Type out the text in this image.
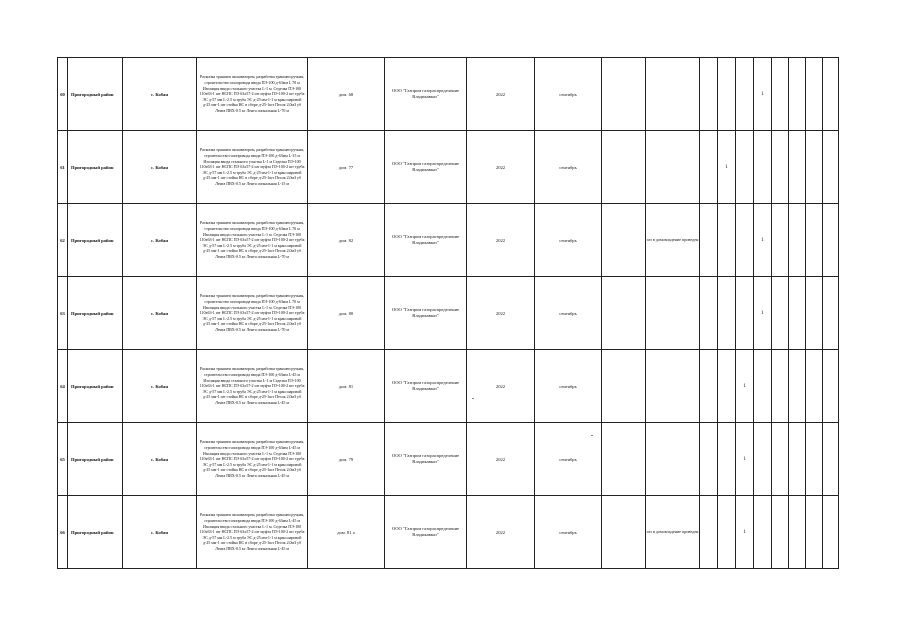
60	Пригородный район	с. Кобан	Раскопка траншеи экскаватором, разработка траншеи ручная, строительство газопровода ввода ПЭ-100 д-63мм L 70 м Изоляция ввода стального участка L-1 м. Седелка ПЭ-100 110х63-1 шт НСПС ПЭ 63х57-2 шт муфта ПЭ-100-2 шт труба ЭС д-57 мм L-2.5 м труба ЭС д-25 мм-1-1 м кран шаровой д-25 мм-1 шт стойка НС в сборе д-25-1шт Песок 2,0м3 уб Лента ПВХ-0.5 кг Лента сигнальная L-70 м	дом. 68	ООО "Газпром газораспределение Владикавказ"	2022	сентябрь						1				
61	Пригородный район	с. Кобан	Раскопка траншеи экскаватором, разработка траншеи ручная, строительство газопровода ввода ПЭ-100 д-63мм L-15 м Изоляция ввода стального участка L-1 м Седелка ПЭ-100 110х63-1 шт НСПС ПЭ 63х57-2 шт муфта ПЭ-100-2 шт труба ЭС д-57 мм L-2.5 м труба ЭС д-25 мм-1-1 м кран шаровой д-25 мм-1 шт стойка НС в сборе д-25-1шт Песок 2,0м3 уб Лента ПВХ-0.5 кг Лента сигнальная L-15 м	дом. 77	ООО "Газпром газораспределение Владикавказ"	2022	сентябрь				1						
62	Пригородный район	с. Кобан	Раскопка траншеи экскаватором, разработка траншеи ручная, строительство газопровода ввода ПЭ-100 д-63мм L 70 м Изоляция ввода стального участка L-1 м. Седелка ПЭ-100 110х63-1 шт НСПС ПЭ 63х57-2 шт муфта ПЭ-100-2 шт труба ЭС д-57 мм L-2.5 м труба ЭС д-25 мм-1-1 м кран шаровой д-25 мм-1 шт стойка НС в сборе д-25-1шт Песок 2,0м3 уб Лента ПВХ-0.5 кг Лента сигнальная L-70 м	дом. 82	ООО "Газпром газораспределение Владикавказ"	2022	сентябрь		газ в домовладение проведен				1				
63	Пригородный район	с. Кобан	Раскопка траншеи экскаватором, разработка траншеи ручная, строительство газопровода ввода ПЭ-100 д-63мм L 70 м Изоляция ввода стального участка L-1 м. Седелка ПЭ-100 110х63-1 шт НСПС ПЭ 63х57-2 шт муфта ПЭ-100-2 шт труба ЭС д-57 мм L-2.5 м труба ЭС д-25 мм-1-1 м кран шаровой д-25 мм-1 шт стойка НС в сборе д-25-1шт Песок 2,0м3 уб Лента ПВХ-0.5 кг Лента сигнальная L-70 м	дом. 80	ООО "Газпром газораспределение Владикавказ"	2022	сентябрь						1				
64	Пригородный район	с. Кобан	Раскопка траншеи экскаватором, разработка траншеи ручная, строительство газопровода ввода ПЭ-100 д-63мм L-45 м Изоляция ввода стального участка L-1 м Седелка ПЭ-100 110х63-1 шт НСПС ПЭ 63х57-2 шт муфта ПЭ-100-2 шт труба ЭС д-57 мм L-2.5 м труба ЭС д-25 мм-1-1 м кран шаровой д-25 мм-1 шт стойка НС в сборе д-25-1шт Песок 2,0м3 уб Лента ПВХ-0.5 кг Лента сигнальная L-45 м	дом. 81	ООО "Газпром газораспределение Владикавказ"	2022	сентябрь					1					
65	Пригородный район	с. Кобан	Раскопка траншеи экскаватором, разработка траншеи ручная, строительство газопровода ввода ПЭ-100 д-63мм L-45 м Изоляция ввода стального участка L-1 м. Седелка ПЭ-100 110х63-1 шт НСПС ПЭ 63х57-2 шт муфта ПЭ-100-2 шт труба ЭС д-57 мм L-2.5 м труба ЭС д-25 мм-1-1 м кран шаровой д-25 мм-1 шт стойка НС в сборе д-25-1шт Песок 2,0м3 уб Лента ПВХ-0.5 кг Лента сигнальная L-45 м	дом. 79	ООО "Газпром газораспределение Владикавказ"	2022	сентябрь					1					
66	Пригородный район	с. Кобан	Раскопка траншеи экскаватором, разработка траншеи ручная, строительство газопровода ввода ПЭ-100 д-63мм L-45 м Изоляция ввода стального участка L-1 м. Седелка ПЭ-100 110х63-1 шт НСПС ПЭ 63х57-2 шт муфта ПЭ-100-2 шт труба ЭС д-57 мм L-2.5 м труба ЭС д-25 мм-1-1 м кран шаровой д-25 мм-1 шт стойка НС в сборе д-25-1шт Песок 2,0м3 уб Лента ПВХ-0.5 кг Лента сигнальная L-45 м	дом. 81 а	ООО "Газпром газораспределение Владикавказ"	2022	сентябрь		газ в домовладение проведен			1					
